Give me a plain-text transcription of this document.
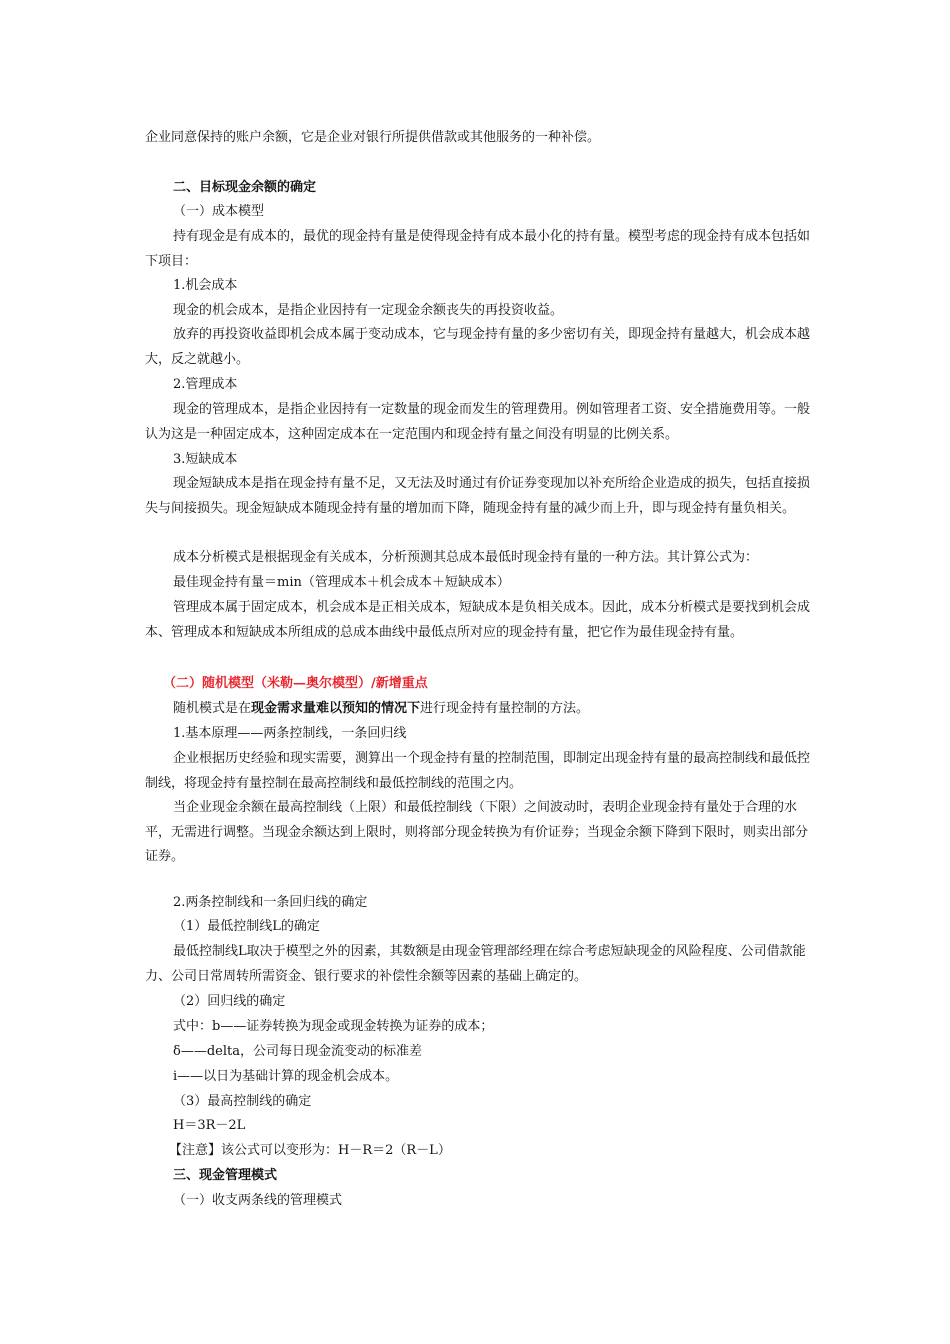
企业同意保持的账户余额，它是企业对银行所提供借款或其他服务的一种补偿。

二、目标现金余额的确定

（一）成本模型

持有现金是有成本的，最优的现金持有量是使得现金持有成本最小化的持有量。模型考虑的现金持有成本包括如下项目：

1.机会成本

现金的机会成本，是指企业因持有一定现金余额丧失的再投资收益。

放弃的再投资收益即机会成本属于变动成本，它与现金持有量的多少密切有关，即现金持有量越大，机会成本越大，反之就越小。

2.管理成本

现金的管理成本，是指企业因持有一定数量的现金而发生的管理费用。例如管理者工资、安全措施费用等。一般认为这是一种固定成本，这种固定成本在一定范围内和现金持有量之间没有明显的比例关系。

3.短缺成本

现金短缺成本是指在现金持有量不足，又无法及时通过有价证券变现加以补充所给企业造成的损失，包括直接损失与间接损失。现金短缺成本随现金持有量的增加而下降，随现金持有量的减少而上升，即与现金持有量负相关。

成本分析模式是根据现金有关成本，分析预测其总成本最低时现金持有量的一种方法。其计算公式为：

最佳现金持有量＝min（管理成本＋机会成本＋短缺成本）

管理成本属于固定成本，机会成本是正相关成本，短缺成本是负相关成本。因此，成本分析模式是要找到机会成本、管理成本和短缺成本所组成的总成本曲线中最低点所对应的现金持有量，把它作为最佳现金持有量。

（二）随机模型（米勒—奥尔模型）/新增重点

随机模式是在现金需求量难以预知的情况下进行现金持有量控制的方法。

1.基本原理——两条控制线，一条回归线

企业根据历史经验和现实需要，测算出一个现金持有量的控制范围，即制定出现金持有量的最高控制线和最低控制线，将现金持有量控制在最高控制线和最低控制线的范围之内。

当企业现金余额在最高控制线（上限）和最低控制线（下限）之间波动时，表明企业现金持有量处于合理的水平，无需进行调整。当现金余额达到上限时，则将部分现金转换为有价证券；当现金余额下降到下限时，则卖出部分证券。

2.两条控制线和一条回归线的确定

（1）最低控制线L的确定

最低控制线L取决于模型之外的因素，其数额是由现金管理部经理在综合考虑短缺现金的风险程度、公司借款能力、公司日常周转所需资金、银行要求的补偿性余额等因素的基础上确定的。

（2）回归线的确定

式中：b——证券转换为现金或现金转换为证券的成本；

δ——delta，公司每日现金流变动的标准差

i——以日为基础计算的现金机会成本。

（3）最高控制线的确定

H＝3R－2L

【注意】该公式可以变形为：H－R＝2（R－L）

三、现金管理模式

（一）收支两条线的管理模式
